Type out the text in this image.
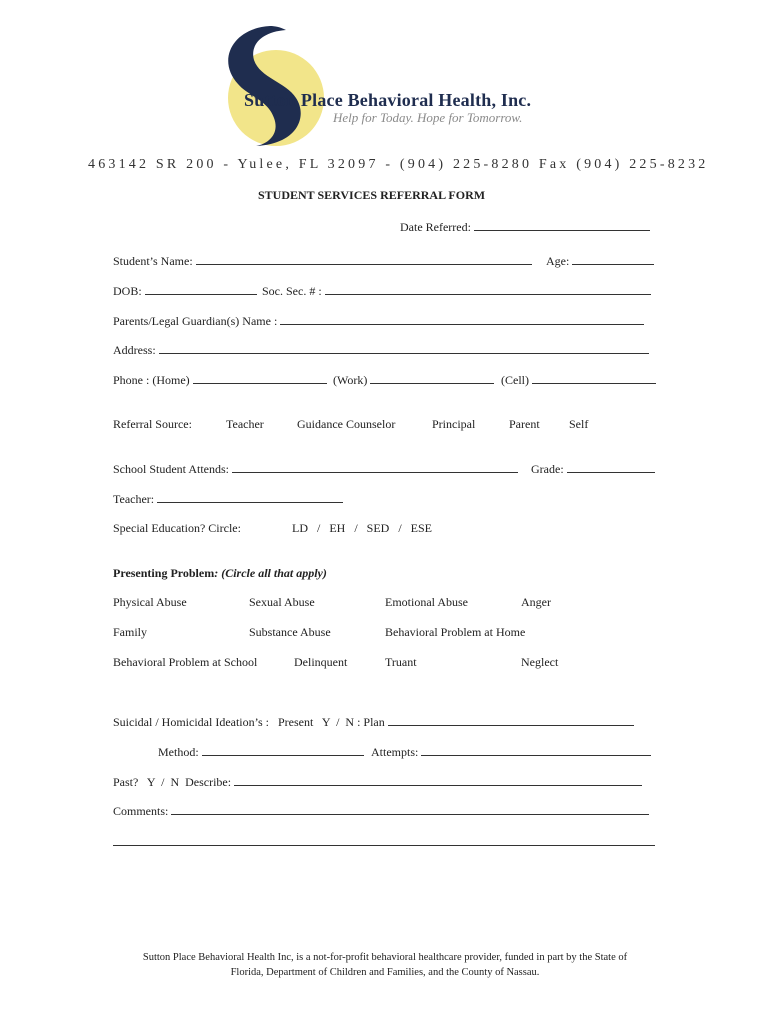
Sutton Place Behavioral Health, Inc.
Help for Today. Hope for Tomorrow.
463142 SR 200 - Yulee, FL 32097 - (904) 225-8280 Fax (904) 225-8232
STUDENT SERVICES REFERRAL FORM
Date Referred:
Student’s Name:	Age:
DOB:	Soc. Sec. # :
Parents/Legal Guardian(s) Name :
Address:
Phone : (Home)	(Work)	(Cell)
Referral Source:	Teacher	Guidance Counselor	Principal	Parent Self
School Student Attends:	Grade:
Teacher:
Special Education? Circle:	LD   /   EH   /   SED   /   ESE
Presenting Problem: (Circle all that apply)
Physical Abuse	Sexual Abuse	Emotional Abuse	Anger
Family	Substance Abuse	Behavioral Problem at Home
Behavioral Problem at School	Delinquent	Truant	Neglect
Suicidal / Homicidal Ideation’s :   Present   Y  /  N : Plan
Method:	Attempts:
Past?   Y  /  N  Describe:
Comments:
Sutton Place Behavioral Health Inc, is a not-for-profit behavioral healthcare provider, funded in part by the State of
Florida, Department of Children and Families, and the County of Nassau.
